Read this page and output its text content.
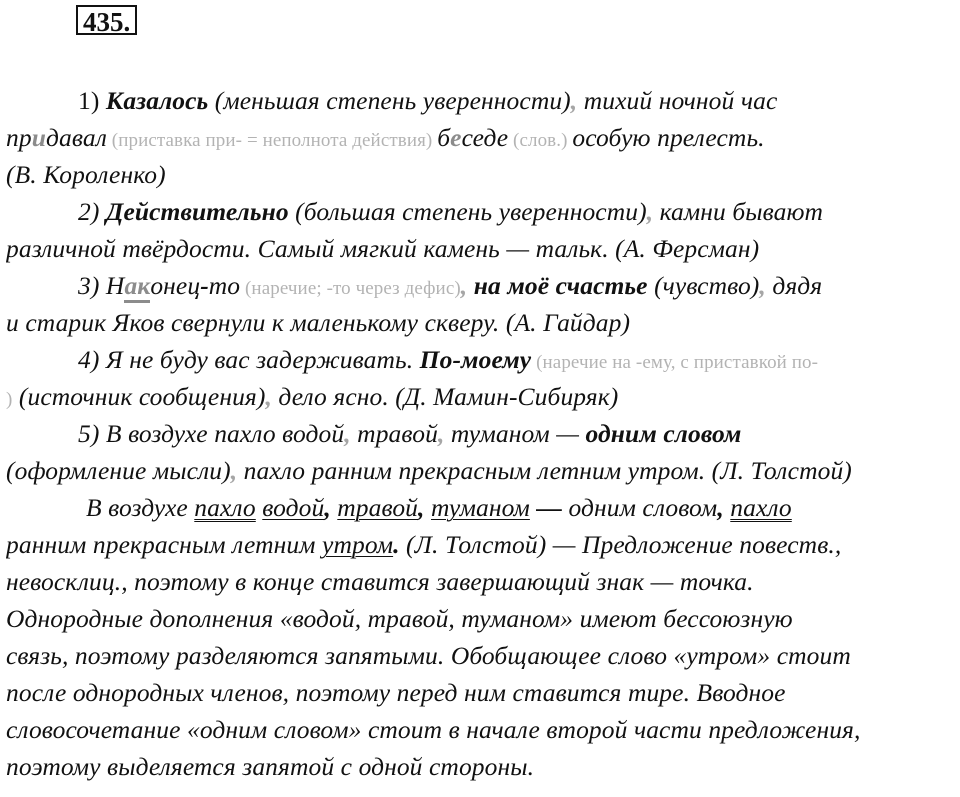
435.
1) Казалось (меньшая степень уверенности), тихий ночной час
придавал (приставка при- = неполнота действия) беседе (слов.) особую прелесть.
(В. Короленко)
2) Действительно (большая степень уверенности), камни бывают
различной твёрдости. Самый мягкий камень — тальк. (А. Ферсман)
3) Наконец-то (наречие; -то через дефис), на моё счастье (чувство), дядя
и старик Яков свернули к маленькому скверу. (А. Гайдар)
4) Я не буду вас задерживать. По-моему (наречие на -ему, с приставкой по-
) (источник сообщения), дело ясно. (Д. Мамин-Сибиряк)
5) В воздухе пахло водой, травой, туманом — одним словом
(оформление мысли), пахло ранним прекрасным летним утром. (Л. Толстой)
В воздухе пахло водой, травой, туманом — одним словом, пахло
ранним прекрасным летним утром. (Л. Толстой) — Предложение повеств.,
невосклиц., поэтому в конце ставится завершающий знак — точка.
Однородные дополнения «водой, травой, туманом» имеют бессоюзную
связь, поэтому разделяются запятыми. Обобщающее слово «утром» стоит
после однородных членов, поэтому перед ним ставится тире. Вводное
словосочетание «одним словом» стоит в начале второй части предложения,
поэтому выделяется запятой с одной стороны.
